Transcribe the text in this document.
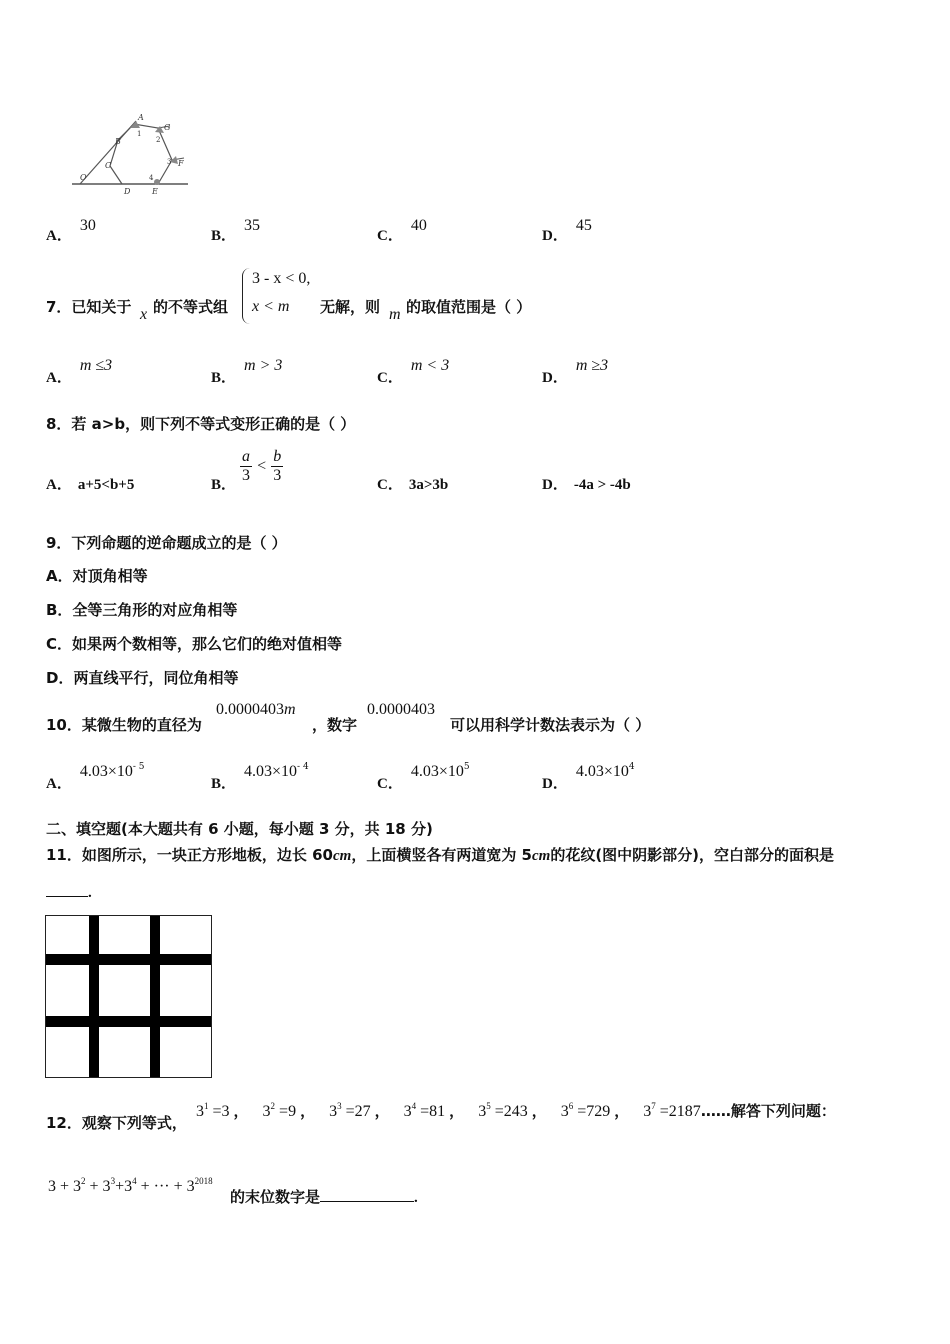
A
G
B
C
O
D	E
F
1
2
3
4
A．30
B．35
C．40
D．45
7．已知关于 x 的不等式组
3 - x < 0,
x < m 无解，则 m 的取值范围是（ ）
A．m ≤3
B．m > 3
C．m < 3
D．m ≥3
8．若 a>b，则下列不等式变形正确的是（ ）
A． a+5<b+5	B． $\frac{a}{3} < \frac{b}{3}$	C． 3a>3b	D． -4a > -4b
9．下列命题的逆命题成立的是（ ）
A．对顶角相等
B．全等三角形的对应角相等
C．如果两个数相等，那么它们的绝对值相等
D．两直线平行，同位角相等
10．某微生物的直径为
0.0000403m
，数字
0.0000403
可以用科学计数法表示为（ ）
A．$4.03\times 10^{- 5}$
B．$4.03\times 10^{- 4}$
C．$4.03\times 10^5$
D．$4.03\times 10^4$
二、填空题(本大题共有 6 小题，每小题 3 分，共 18 分)
11．如图所示，一块正方形地板，边长 60cm，上面横竖各有两道宽为 5cm的花纹(图中阴影部分)，空白部分的面积是
.
12．观察下列等式，
$3^1 =3$ ， $3^2 =9$ ， $3^3 =27$ ， $3^4 =81$ ， $3^5 =243$ ， $3^6 =729$ ， $3^7$ =2187……解答下列问题：
$3 + 3^2 + 3^3+3^4$ + ··· + $3^{2018}$
的末位数字是	.
